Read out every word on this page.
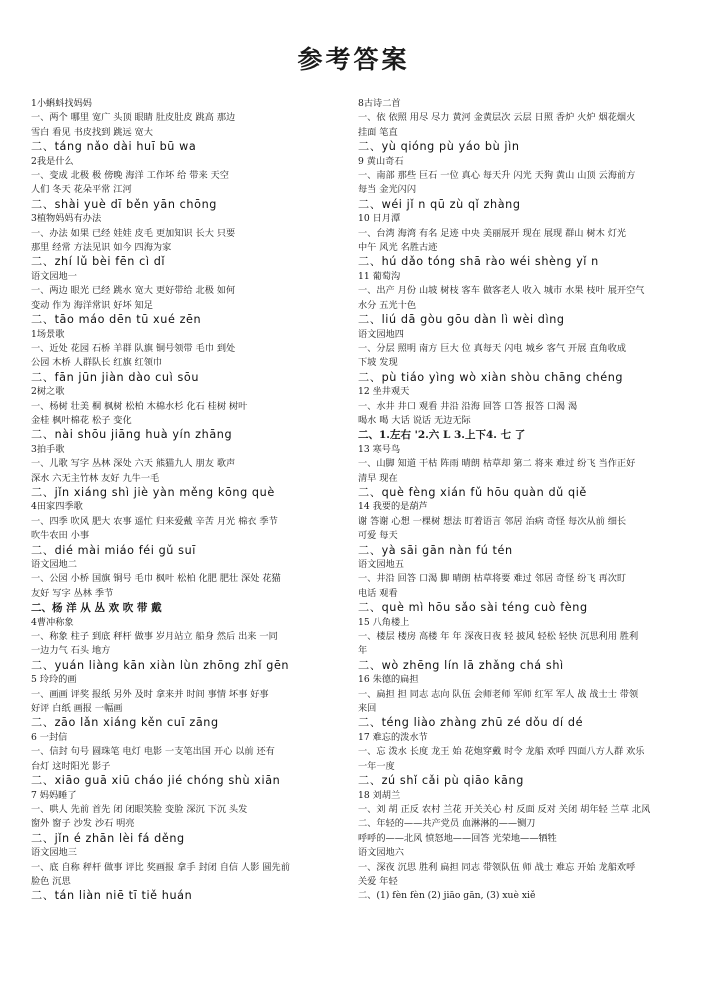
参考答案
1小蝌蚪找妈妈
一、两个 哪里 宽广 头顶 眼睛 肚皮肚皮 跳高 那边
雪白 看见 书皮找到 跳远 宽大
二、táng nǎo dài huī bū wa
2我是什么
一、变成 北极 极 傍晚 海洋 工作坏 给 带来 天空
人们 冬天 花朵平常 江河
二、shài yuè dī běn yān chōng
3植物妈妈有办法
一、办法 如果 已经 娃娃 皮毛 更加知识 长大 只要
那里 经常 方法见识 如今 四海为家
二、zhí lǔ bèi fēn cì dǐ
语文园地一
一、两边 眼光 已经 跳水 宽大 更好带给 北极 如何
变动 作为 海洋常识 好坏 知足
二、tāo máo dēn tū xué zēn
1场景歌
一、近处 花园 石桥 羊群 队旗 铜号领带 毛巾 到处
公园 木桥 人群队长 红旗 红领巾
二、fān jūn jiàn dào cuì sōu
2树之歌
一、杨树 壮美 桐 枫树 松柏 木棉水杉 化石 桂树 树叶
金桂 枫叶棉花 松子 变化
二、nài shōu jiāng huà yín zhāng
3拍手歌
一、儿歌 写字 丛林 深处 六天 熊猫九人 朋友 歌声
深水 六无主竹林 友好 九牛一毛
二、jǐn xiáng shì jiè yàn měng kōng què
4田家四季歌
一、四季 吹风 肥大 农事 遥忙 归来爱戴 辛苦 月光 棉衣 季节
吹牛农田 小事
二、dié mài miáo féi gǔ suī
语文园地二
一、公园 小桥 国旗 铜号 毛巾 枫叶 松柏 化肥 肥壮 深处 花猫
友好 写字 丛林 季节
二、杨 洋 从 丛 欢 吹 带 戴
4曹冲称象
一、称象 柱子 到底 秤杆 做事 岁月站立 船身 然后 出来 一同
一边力气 石头 地方
二、yuán liàng kān xiàn lùn zhōng zhǐ gēn
5 玲玲的画
一、画画 评奖 报纸 另外 及时 拿来并 时间 事情 坏事 好事
好评 白纸 画报 一幅画
二、zāo lǎn xiáng kěn cuī zāng
6 一封信
一、信封 句号 圆珠笔 电灯 电影 一支笔出国 开心 以前 还有
台灯 这时阳光 影子
二、xiāo guā xiū cháo jié chóng shù xiān
7 妈妈睡了
一、哄人 先前 首先 闭 闭眼笑脸 变脸 深沉 下沉 头发
窗外 窗子 沙发 沙石 明亮
二、jǐn é zhān lèi fá děng
语文园地三
一、底 自称 秤杆 做事 评比 奖画报 拿手 封闭 自信 人影 圆先前
脸色 沉思
二、tán liàn niē tī tiě huán
8古诗二首
一、依 依照 用尽 尽力 黄河 金黄层次 云层 日照 香炉 火炉 烟花烟火
挂面 笔直
二、yù qióng pù yáo bù jìn
9 黄山奇石
一、南部 那些 巨石 一位 真心 每天升 闪光 天狗 黄山 山顶 云海前方
每当 金光闪闪
二、wéi jǐ n qū zù qǐ zhàng
10 日月潭
一、台湾 海湾 有名 足迹 中央 美丽展开 现在 展现 群山 树木 灯光
中午 风光 名胜古迹
二、hú dǎo tóng shā rào wéi shèng yǐ n
11 葡萄沟
一、出产 月份 山坡 树枝 客车 做客老人 收入 城市 水果 枝叶 展开空气
水分 五光十色
二、liú dā gòu gōu dàn lì wèi dìng
语文园地四
一、分层 照明 南方 巨大 位 真每天 闪电 城乡 客气 开展 直角收成
下坡 发现
二、pù tiáo yìng wò xiàn shòu chāng chéng
12 坐井观天
一、水井 井口 观看 井沿 沿海 回答 口答 报答 口渴 渴
喝水 喝 大话 说话 无边无际
二、1.左右 '2.六 L 3.上下4. 七 了
13 寒号鸟
一、山脚 知道 干枯 阵雨 晴朗 枯草却 第二 将来 难过 纷飞 当作正好
清早 现在
二、què fèng xián fǔ hōu quàn dǔ qiě
14 我要的是葫芦
谢 答谢 心想 一棵树 想法 盯着语言 邻居 治病 奇怪 每次从前 细长
可爱 每天
二、yà sāi gān nàn fú tén
语文园地五
一、井沿 回答 口渴 脚 晴朗 枯草将要 难过 邻居 奇怪 纷飞 再次盯
电话 观看
二、què mì hōu sǎo sài téng cuò fèng
15 八角楼上
一、楼层 楼房 高楼 年 年 深夜日夜 轻 披风 轻松 轻快 沉思利用 胜利
年
二、wò zhēng lín lā zhǎng chá shì
16 朱德的扁担
一、扁担 担 同志 志向 队伍 会师老师 军师 红军 军人 战 战士士 带领
来回
二、téng liào zhàng zhū zé dǒu dí dé
17 难忘的泼水节
一、忘 泼水 长度 龙王 始 花炮穿戴 时令 龙船 欢呼 四面八方人群 欢乐
一年一度
二、zú shǐ cǎi pù qiāo kāng
18 刘胡兰
一、刘 胡 正反 农村 兰花 开关关心 村 反面 反对 关闭 胡年轻 兰草 北风
二、年轻的——共产党员 血淋淋的——铡刀
呼呼的——北风 愤怒地——回答 光荣地——牺牲
语文园地六
一、深夜 沉思 胜利 扁担 同志 带领队伍 师 战士 难忘 开始 龙船欢呼
关爱 年轻
二、(1) fèn fèn (2) jiāo gān, (3) xuè xiě
